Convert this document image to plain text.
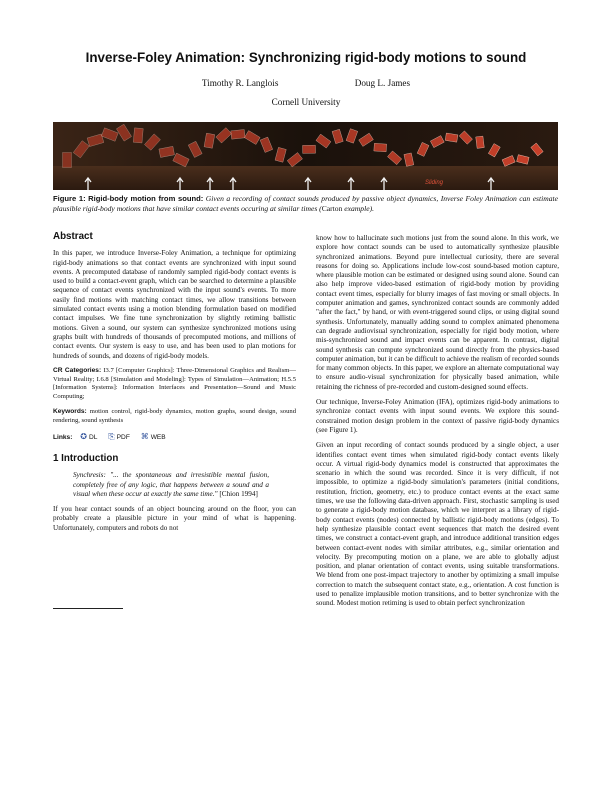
Inverse-Foley Animation: Synchronizing rigid-body motions to sound
Timothy R. Langlois	Doug L. James
Cornell University
Sliding
Figure 1: Rigid-body motion from sound: Given a recording of contact sounds produced by passive object dynamics, Inverse Foley Animation can estimate plausible rigid-body motions that have similar contact events occuring at similar times (Carton example).
Abstract

In this paper, we introduce Inverse-Foley Animation, a technique for optimizing rigid-body animations so that contact events are synchronized with input sound events. A precomputed database of randomly sampled rigid-body contact events is used to build a contact-event graph, which can be searched to determine a plausible sequence of contact events synchronized with the input sound's events. To more easily find motions with matching contact times, we allow transitions between simulated contact events using a motion blending formulation based on modified contact impulses. We fine tune synchronization by slightly retiming ballistic motions. Given a sound, our system can synthesize synchronized motions using graphs built with hundreds of thousands of precomputed motions, and millions of contact events. Our system is easy to use, and has been used to plan motions for hundreds of sounds, and dozens of rigid-body models.

CR Categories: I3.7 [Computer Graphics]: Three-Dimensional Graphics and Realism—Virtual Reality; I.6.8 [Simulation and Modeling]: Types of Simulation—Animation; H.5.5 [Information Systems]: Information Interfaces and Presentation—Sound and Music Computing;

Keywords: motion control, rigid-body dynamics, motion graphs, sound design, sound rendering, sound synthesis

Links: ✪ DL ⎘ PDF ⌘ WEB
1 Introduction
Synchresis: "... the spontaneous and irresistible mental fusion, completely free of any logic, that happens between a sound and a visual when these occur at exactly the same time." [Chion 1994]

If you hear contact sounds of an object bouncing around on the floor, you can probably create a plausible picture in your mind of what is happening. Unfortunately, computers and robots do not

know how to hallucinate such motions just from the sound alone. In this work, we explore how contact sounds can be used to automatically synthesize plausible synchronized animations. Beyond pure intellectual curiosity, there are several reasons for doing so. Applications include low-cost sound-based motion capture, where plausible motion can be estimated or designed using sound alone. Sound can also help improve video-based estimation of rigid-body motion by providing contact event times, especially for blurry images of fast moving or small objects. In computer animation and games, synchronized contact sounds are commonly added "after the fact," by hand, or with event-triggered sound clips, or using digital sound synthesis. Unfortunately, manually adding sound to complex animated phenomena can degrade audiovisual synchronization, especially for rigid body motion, where mis-synchronized sound and impact events can be apparent. In contrast, digital sound synthesis can compute synchronized sound directly from the physics-based computer animation, but it can be difficult to achieve the realism of recorded sounds for many common objects. In this paper, we explore an alternate computational way to ensure audio-visual synchronization for physically based animation, while retaining the richness of pre-recorded and custom-designed sound effects.

Our technique, Inverse-Foley Animation (IFA), optimizes rigid-body animations to synchronize contact events with input sound events. We explore this sound-constrained motion design problem in the context of passive rigid-body dynamics (see Figure 1).

Given an input recording of contact sounds produced by a single object, a user identifies contact event times when simulated rigid-body contact events likely occur. A virtual rigid-body dynamics model is constructed that approximates the scenario in which the sound was recorded. Since it is very difficult, if not impossible, to optimize a rigid-body simulation's parameters (initial conditions, restitution, friction, geometry, etc.) to produce contact events at the exact same times, we use the following data-driven approach. First, stochastic sampling is used to generate a rigid-body motion database, which we interpret as a library of rigid-body contact events (nodes) connected by ballistic rigid-body motions (edges). To help synthesize plausible contact event sequences that match the desired event times, we construct a contact-event graph, and introduce additional transition edges between contact-event nodes with similar attributes, e.g., similar orientation and velocity. By precomputing motion on a plane, we are able to globally adjust position, and planar orientation of contact events, using suitable transformations. We blend from one post-impact trajectory to another by optimizing a small impulse correction to match the subsequent contact state, e.g., orientation. A cost function is used to penalize implausible motion transitions, and to better synchronize with the sound. Modest motion retiming is used to obtain perfect synchronization
